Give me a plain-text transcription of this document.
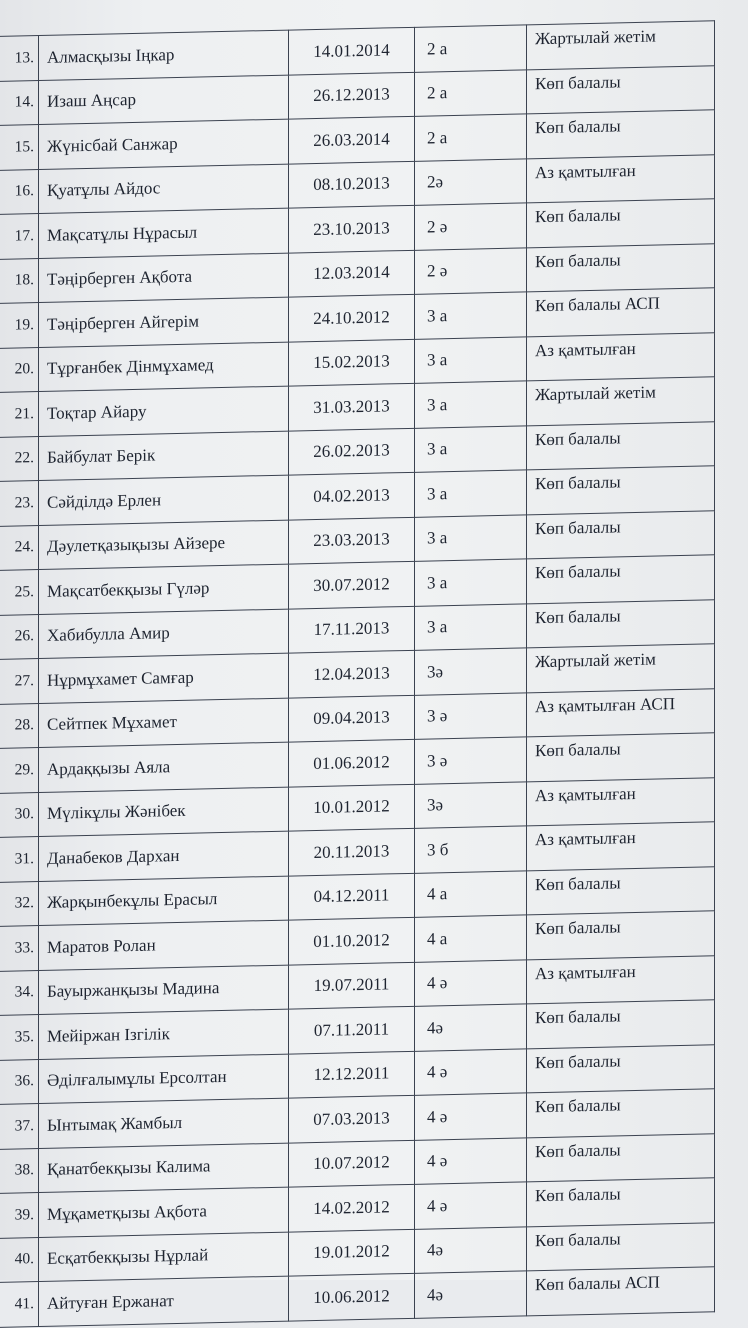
13.	Алмасқызы Іңкар	14.01.2014	2 а	Жартылай жетім
14.	Изаш Аңсар	26.12.2013	2 а	Көп балалы
15.	Жүнісбай Санжар	26.03.2014	2 а	Көп балалы
16.	Қуатұлы Айдос	08.10.2013	2ә	Аз қамтылған
17.	Мақсатұлы Нұрасыл	23.10.2013	2 ә	Көп балалы
18.	Тәңірберген Ақбота	12.03.2014	2 ә	Көп балалы
19.	Тәңірберген Айгерім	24.10.2012	3 а	Көп балалы АСП
20.	Тұрғанбек Дінмұхамед	15.02.2013	3 а	Аз қамтылған
21.	Тоқтар Айару	31.03.2013	3 а	Жартылай жетім
22.	Байбулат Берік	26.02.2013	3 а	Көп балалы
23.	Сәйділдә Ерлен	04.02.2013	3 а	Көп балалы
24.	Дәулетқазықызы Айзере	23.03.2013	3 а	Көп балалы
25.	Мақсатбекқызы Гүләр	30.07.2012	3 а	Көп балалы
26.	Хабибулла Амир	17.11.2013	3 а	Көп балалы
27.	Нұрмұхамет Самғар	12.04.2013	3ә	Жартылай жетім
28.	Сейтпек Мұхамет	09.04.2013	3 ә	Аз қамтылған АСП
29.	Ардаққызы Аяла	01.06.2012	3 ә	Көп балалы
30.	Мүлікұлы Жәнібек	10.01.2012	3ә	Аз қамтылған
31.	Данабеков Дархан	20.11.2013	3 б	Аз қамтылған
32.	Жарқынбекұлы Ерасыл	04.12.2011	4 а	Көп балалы
33.	Маратов Ролан	01.10.2012	4 а	Көп балалы
34.	Бауыржанқызы Мадина	19.07.2011	4 ә	Аз қамтылған
35.	Мейіржан Ізгілік	07.11.2011	4ә	Көп балалы
36.	Әділғалымұлы Ерсолтан	12.12.2011	4 ә	Көп балалы
37.	Ынтымақ Жамбыл	07.03.2013	4 ә	Көп балалы
38.	Қанатбекқызы Калима	10.07.2012	4 ә	Көп балалы
39.	Мұқаметқызы Ақбота	14.02.2012	4 ә	Көп балалы
40.	Есқатбекқызы Нұрлай	19.01.2012	4ә	Көп балалы
41.	Айтуған Ержанат	10.06.2012	4ә	Көп балалы АСП
